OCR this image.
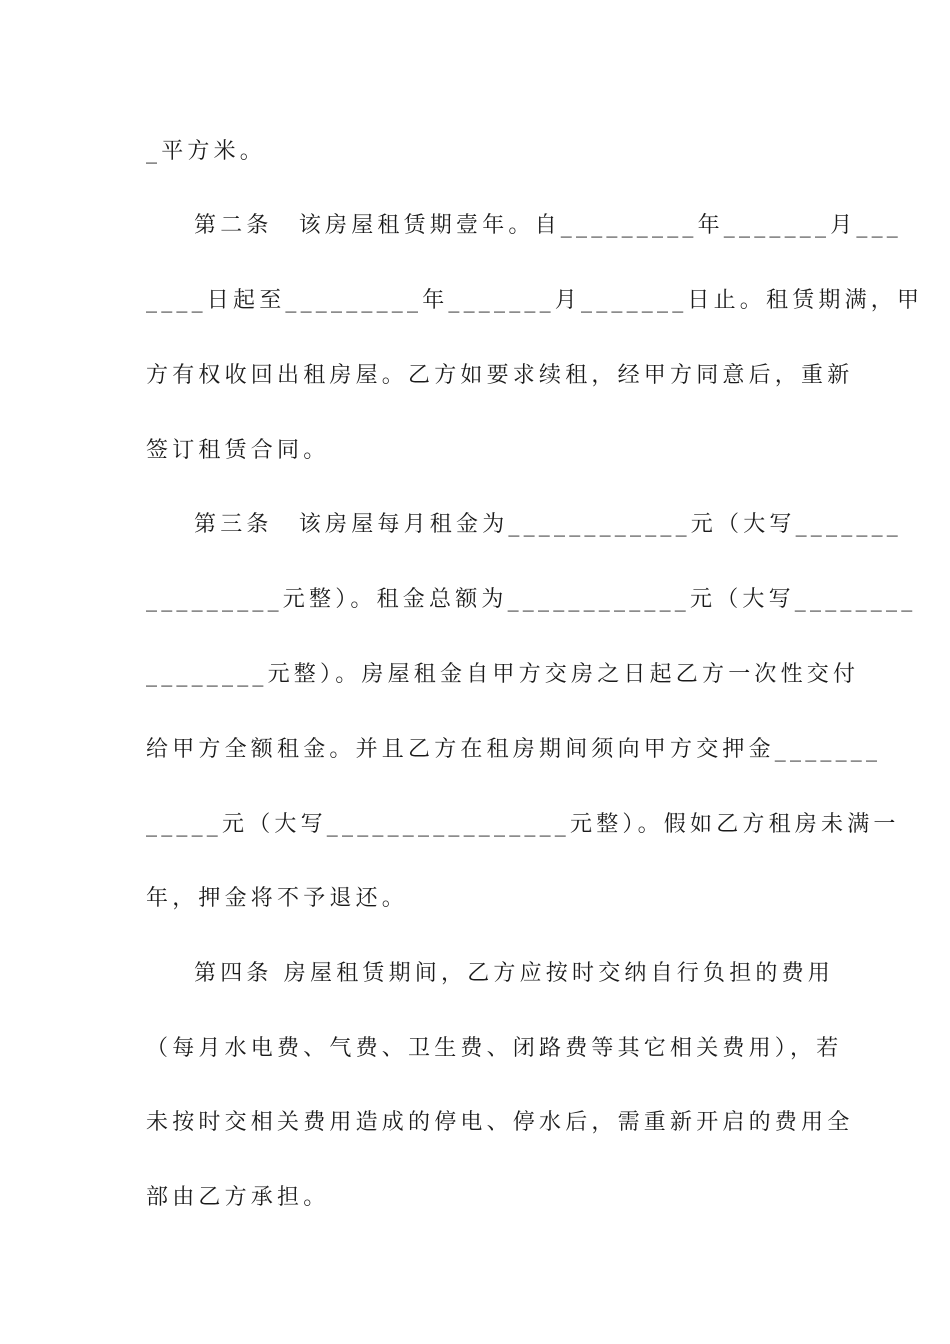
_平方米。
第二条　该房屋租赁期壹年。自_________年_______月___
____日起至_________年_______月_______日止。租赁期满，甲
方有权收回出租房屋。乙方如要求续租，经甲方同意后，重新
签订租赁合同。
第三条　该房屋每月租金为____________元（大写_______
_________元整）。租金总额为____________元（大写________
________元整）。房屋租金自甲方交房之日起乙方一次性交付
给甲方全额租金。并且乙方在租房期间须向甲方交押金_______
_____元（大写________________元整）。假如乙方租房未满一
年，押金将不予退还。
第四条 房屋租赁期间，乙方应按时交纳自行负担的费用
（每月水电费、气费、卫生费、闭路费等其它相关费用），若
未按时交相关费用造成的停电、停水后，需重新开启的费用全
部由乙方承担。
